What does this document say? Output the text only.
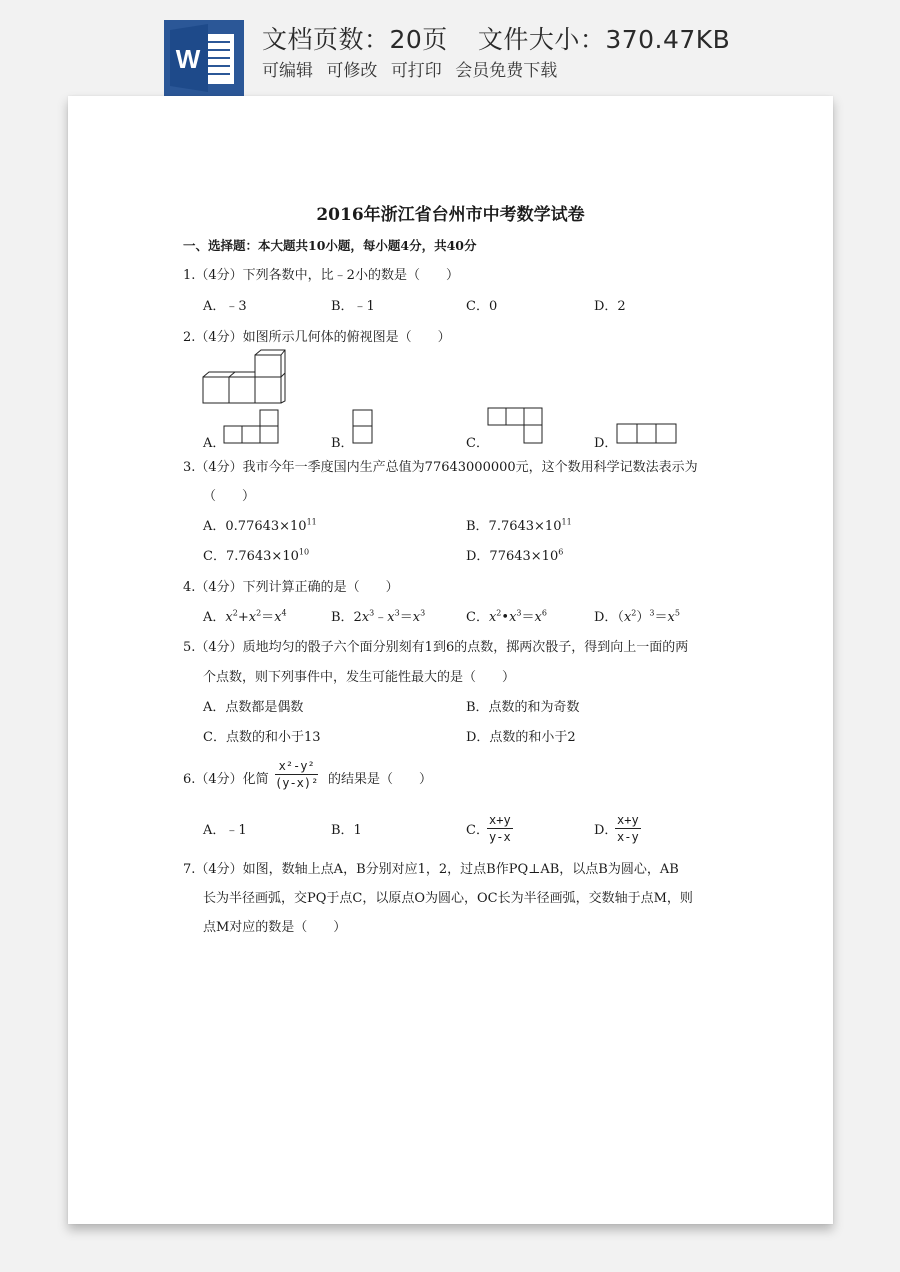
W
文档页数：20页 文件大小：370.47KB
可编辑 可修改 可打印 会员免费下载
2016年浙江省台州市中考数学试卷
一、选择题：本大题共10小题，每小题4分，共40分
1.（4分）下列各数中，比﹣2小的数是（　　）
A．﹣3	B．﹣1	C．0	D．2
2.（4分）如图所示几何体的俯视图是（　　）
A．	B．	C．	D．
3.（4分）我市今年一季度国内生产总值为77643000000元，这个数用科学记数法表示为
（　　）
A．$0.77643\times 10^{11}$	B．$7.7643\times 10^{11}$
C．$7.7643\times 10^{10}$	D．$77643\times 10^6$
4.（4分）下列计算正确的是（　　）
A．$x^2+x^2=x^4$	B．$2x^3﹣x^3=x^3$	C．$x^2•x^3=x^6$	D．$(x^2)^3=x^5$
5.（4分）质地均匀的骰子六个面分别刻有1到6的点数，掷两次骰子，得到向上一面的两
个点数，则下列事件中，发生可能性最大的是（　　）
A．点数都是偶数	B．点数的和为奇数
C．点数的和小于13	D．点数的和小于2
6.（4分）化简 $\frac{\text{x²-y²}}{\text{(y-x)²}}$ 的结果是（　　）
A．﹣1	B．1	C．
$\frac{x+y}{y-x}$	D．
$\frac{x+y}{x-y}$
7.（4分）如图，数轴上点A，B分别对应1，2，过点B作PQ⊥AB，以点B为圆心，AB
长为半径画弧，交PQ于点C，以原点O为圆心，OC长为半径画弧，交数轴于点M，则
点M对应的数是（　　）
